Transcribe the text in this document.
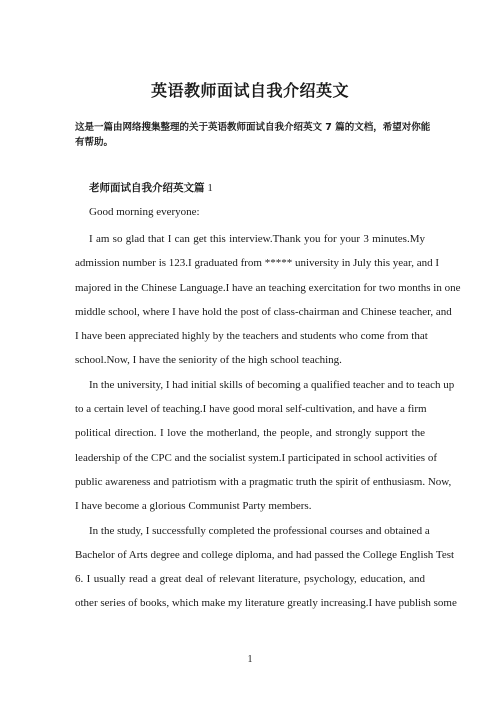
英语教师面试自我介绍英文
这是一篇由网络搜集整理的关于英语教师面试自我介绍英文 7 篇的文档，希望对你能有帮助。
老师面试自我介绍英文篇 1
Good morning everyone:
I am so glad that I can get this interview.Thank you for your 3 minutes.My
admission number is 123.I graduated from ***** university in July this year, and I
majored in the Chinese Language.I have an teaching exercitation for two months in one
middle school, where I have hold the post of class-chairman and Chinese teacher, and
I have been appreciated highly by the teachers and students who come from that
school.Now, I have the seniority of the high school teaching.
In the university, I had initial skills of becoming a qualified teacher and to teach up
to a certain level of teaching.I have good moral self-cultivation, and have a firm
political direction. I love the motherland, the people, and strongly support the
leadership of the CPC and the socialist system.I participated in school activities of
public awareness and patriotism with a pragmatic truth the spirit of enthusiasm. Now,
I have become a glorious Communist Party members.
In the study, I successfully completed the professional courses and obtained a
Bachelor of Arts degree and college diploma, and had passed the College English Test
6. I usually read a great deal of relevant literature, psychology, education, and
other series of books, which make my literature greatly increasing.I have publish some
1
